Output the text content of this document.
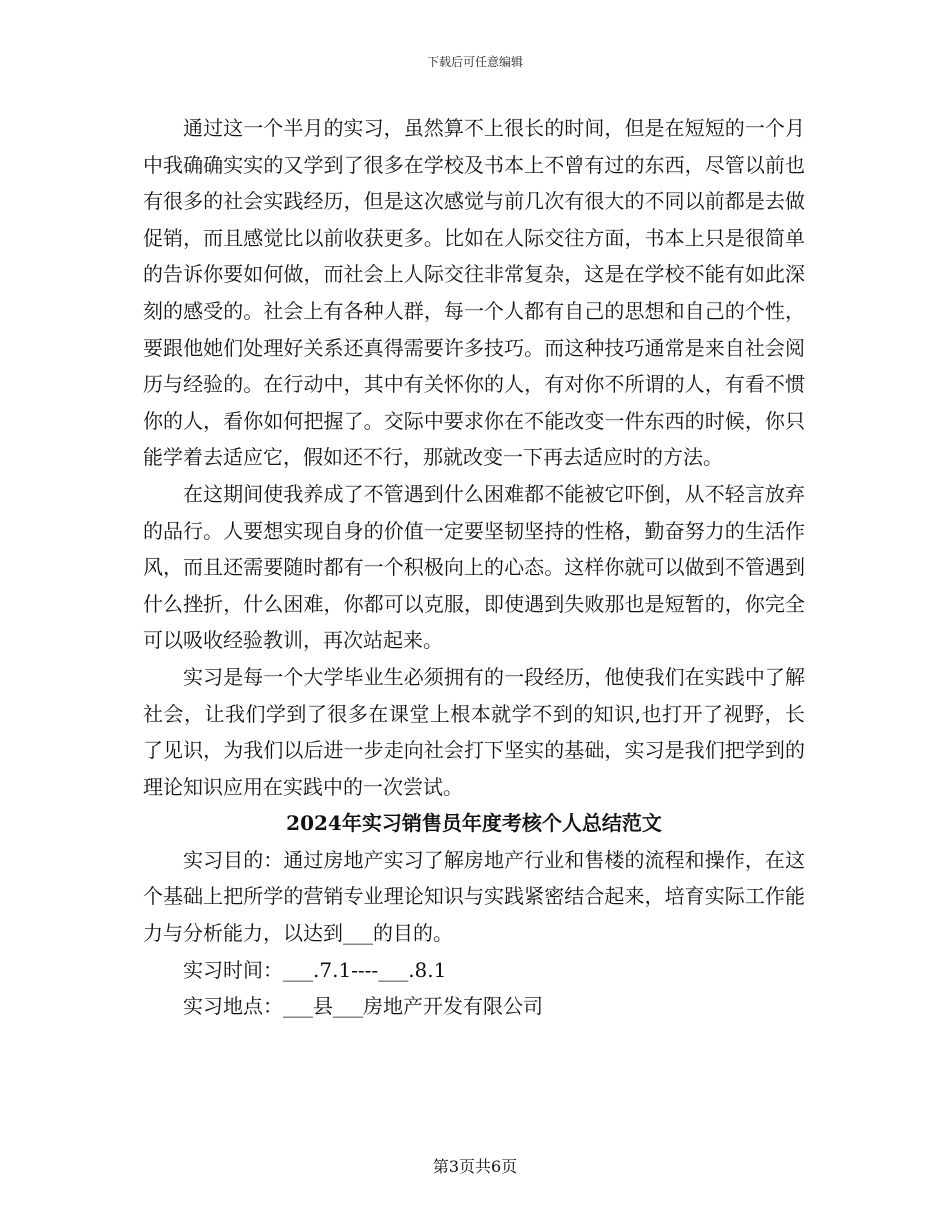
下载后可任意编辑

通过这一个半月的实习，虽然算不上很长的时间，但是在短短的一个月中我确确实实的又学到了很多在学校及书本上不曾有过的东西，尽管以前也有很多的社会实践经历，但是这次感觉与前几次有很大的不同以前都是去做促销，而且感觉比以前收获更多。比如在人际交往方面，书本上只是很简单的告诉你要如何做，而社会上人际交往非常复杂，这是在学校不能有如此深刻的感受的。社会上有各种人群，每一个人都有自己的思想和自己的个性，要跟他她们处理好关系还真得需要许多技巧。而这种技巧通常是来自社会阅历与经验的。在行动中，其中有关怀你的人，有对你不所谓的人，有看不惯你的人，看你如何把握了。交际中要求你在不能改变一件东西的时候，你只能学着去适应它，假如还不行，那就改变一下再去适应时的方法。

在这期间使我养成了不管遇到什么困难都不能被它吓倒，从不轻言放弃的品行。人要想实现自身的价值一定要坚韧坚持的性格，勤奋努力的生活作风，而且还需要随时都有一个积极向上的心态。这样你就可以做到不管遇到什么挫折，什么困难，你都可以克服，即使遇到失败那也是短暂的，你完全可以吸收经验教训，再次站起来。

实习是每一个大学毕业生必须拥有的一段经历，他使我们在实践中了解社会，让我们学到了很多在课堂上根本就学不到的知识,也打开了视野，长了见识，为我们以后进一步走向社会打下坚实的基础，实习是我们把学到的理论知识应用在实践中的一次尝试。

2024年实习销售员年度考核个人总结范文

实习目的：通过房地产实习了解房地产行业和售楼的流程和操作，在这个基础上把所学的营销专业理论知识与实践紧密结合起来，培育实际工作能力与分析能力，以达到___的目的。

实习时间：___.7.1----___.8.1

实习地点：___县___房地产开发有限公司

第3页共6页
